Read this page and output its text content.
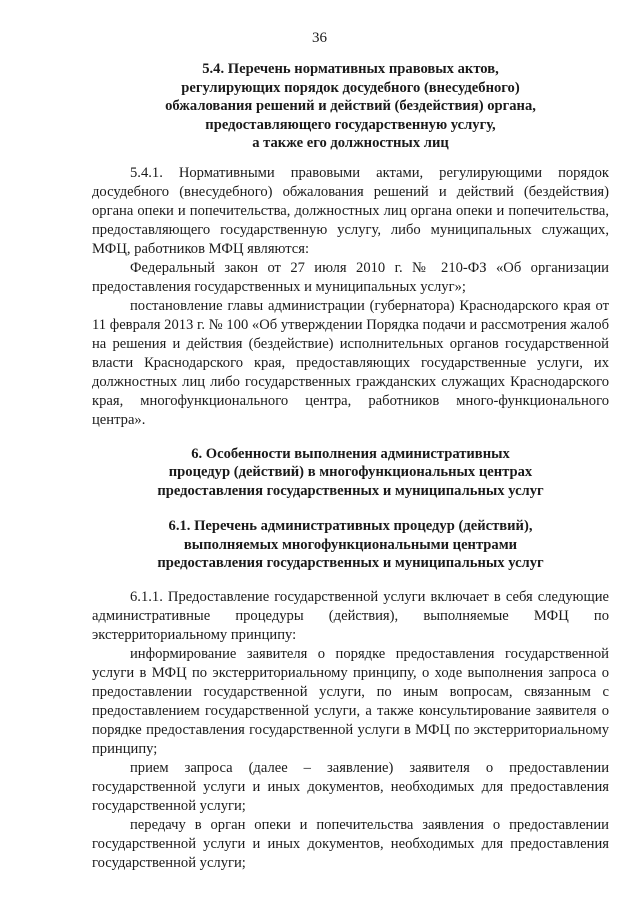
36
5.4. Перечень нормативных правовых актов,
регулирующих порядок досудебного (внесудебного)
обжалования решений и действий (бездействия) органа,
предоставляющего государственную услугу,
а также его должностных лиц

5.4.1. Нормативными правовыми актами, регулирующими порядок досудебного (внесудебного) обжалования решений и действий (бездействия) органа опеки и попечительства, должностных лиц органа опеки и попечительства, предоставляющего государственную услугу, либо муниципальных служащих, МФЦ, работников МФЦ являются:

Федеральный закон от 27 июля 2010 г. № 210-ФЗ «Об организации предоставления государственных и муниципальных услуг»;

постановление главы администрации (губернатора) Краснодарского края от 11 февраля 2013 г. № 100 «Об утверждении Порядка подачи и рассмотрения жалоб на решения и действия (бездействие) исполнительных органов государственной власти Краснодарского края, предоставляющих государственные услуги, их должностных лиц либо государственных гражданских служащих Краснодарского края, многофункционального центра, работников много-функционального центра».

6. Особенности выполнения административных
процедур (действий) в многофункциональных центрах
предоставления государственных и муниципальных услуг
6.1. Перечень административных процедур (действий),
выполняемых многофункциональными центрами
предоставления государственных и муниципальных услуг

6.1.1. Предоставление государственной услуги включает в себя следующие административные процедуры (действия), выполняемые МФЦ по экстерриториальному принципу:

информирование заявителя о порядке предоставления государственной услуги в МФЦ по экстерриториальному принципу, о ходе выполнения запроса о предоставлении государственной услуги, по иным вопросам, связанным с предоставлением государственной услуги, а также консультирование заявителя о порядке предоставления государственной услуги в МФЦ по экстерриториальному принципу;

прием запроса (далее – заявление) заявителя о предоставлении государственной услуги и иных документов, необходимых для предоставления государственной услуги;

передачу в орган опеки и попечительства заявления о предоставлении государственной услуги и иных документов, необходимых для предоставления государственной услуги;
